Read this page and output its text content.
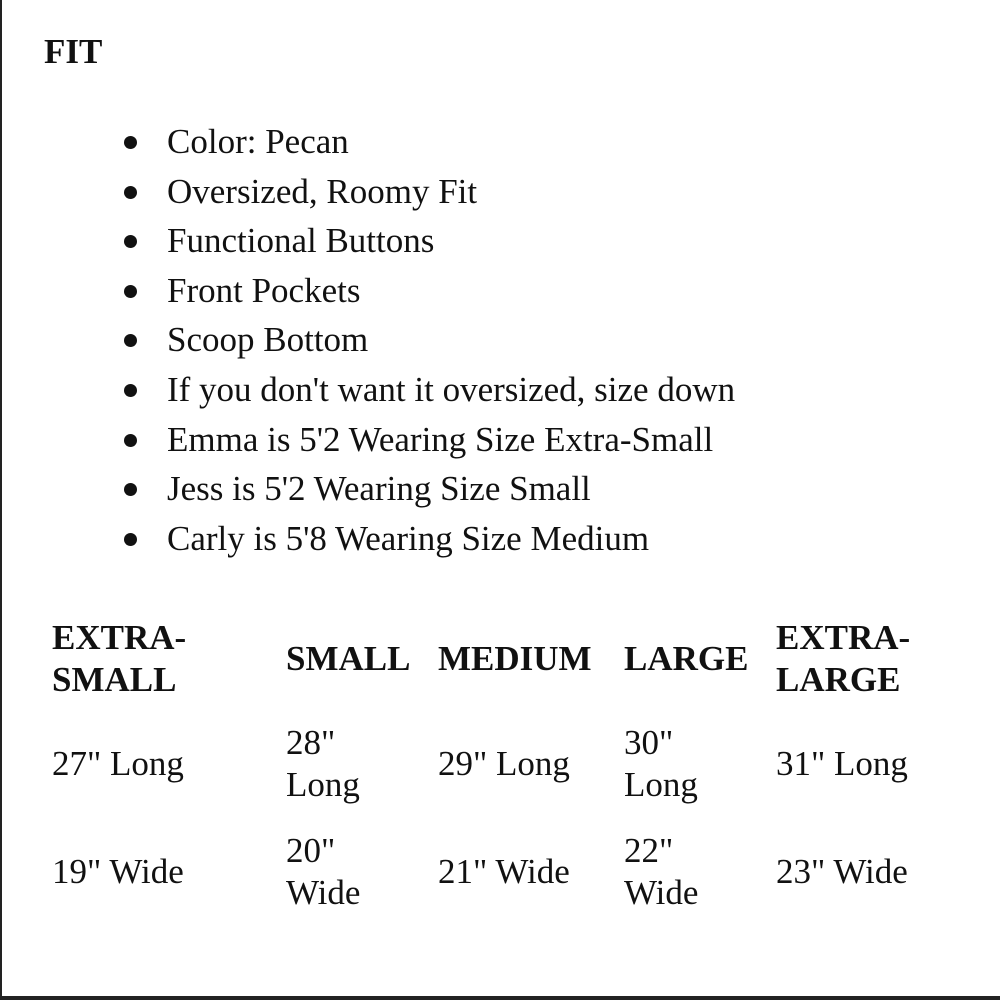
FIT
Color: Pecan
Oversized, Roomy Fit
Functional Buttons
Front Pockets
Scoop Bottom
If you don't want it oversized, size down
Emma is 5'2 Wearing Size Extra-Small
Jess is 5'2 Wearing Size Small
Carly is 5'8 Wearing Size Medium
EXTRA-SMALL	SMALL	MEDIUM	LARGE	EXTRA-LARGE

27" Long	28" Long	29" Long	30" Long	31" Long
19" Wide	20" Wide	21" Wide	22" Wide	23" Wide
